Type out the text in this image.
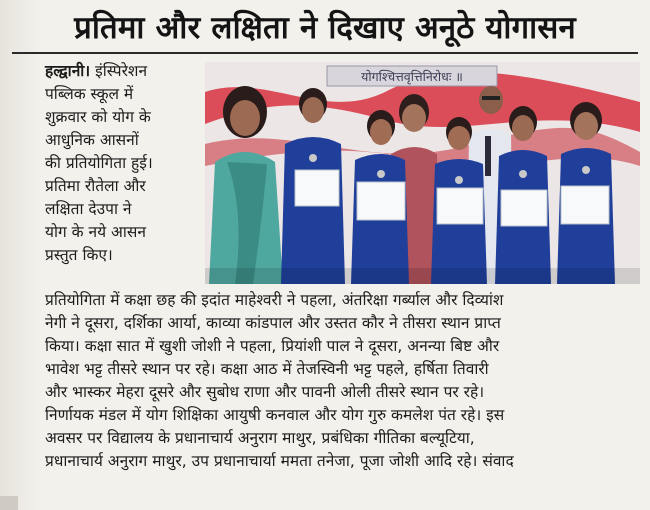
प्रतिमा और लक्षिता ने दिखाए अनूठे योगासन
हल्द्वानी। इंस्पिरेशन
पब्लिक स्कूल में
शुक्रवार को योग के
आधुनिक आसनों
की प्रतियोगिता हुई।
प्रतिमा रौतेला और
लक्षिता देउपा ने
योग के नये आसन
प्रस्तुत किए।
योगश्चित्तवृत्तिनिरोधः ॥
प्रतियोगिता में कक्षा छह की इदांत माहेश्वरी ने पहला, अंतरिक्षा गर्ब्याल और दिव्यांश
नेगी ने दूसरा, दर्शिका आर्या, काव्या कांडपाल और उस्तत कौर ने तीसरा स्थान प्राप्त
किया। कक्षा सात में खुशी जोशी ने पहला, प्रियांशी पाल ने दूसरा, अनन्या बिष्ट और
भावेश भट्ट तीसरे स्थान पर रहे। कक्षा आठ में तेजस्विनी भट्ट पहले, हर्षिता तिवारी
और भास्कर मेहरा दूसरे और सुबोध राणा और पावनी ओली तीसरे स्थान पर रहे।
निर्णायक मंडल में योग शिक्षिका आयुषी कनवाल और योग गुरु कमलेश पंत रहे। इस
अवसर पर विद्यालय के प्रधानाचार्य अनुराग माथुर, प्रबंधिका गीतिका बल्यूटिया,
प्रधानाचार्य अनुराग माथुर, उप प्रधानाचार्या ममता तनेजा, पूजा जोशी आदि रहे। संवाद
